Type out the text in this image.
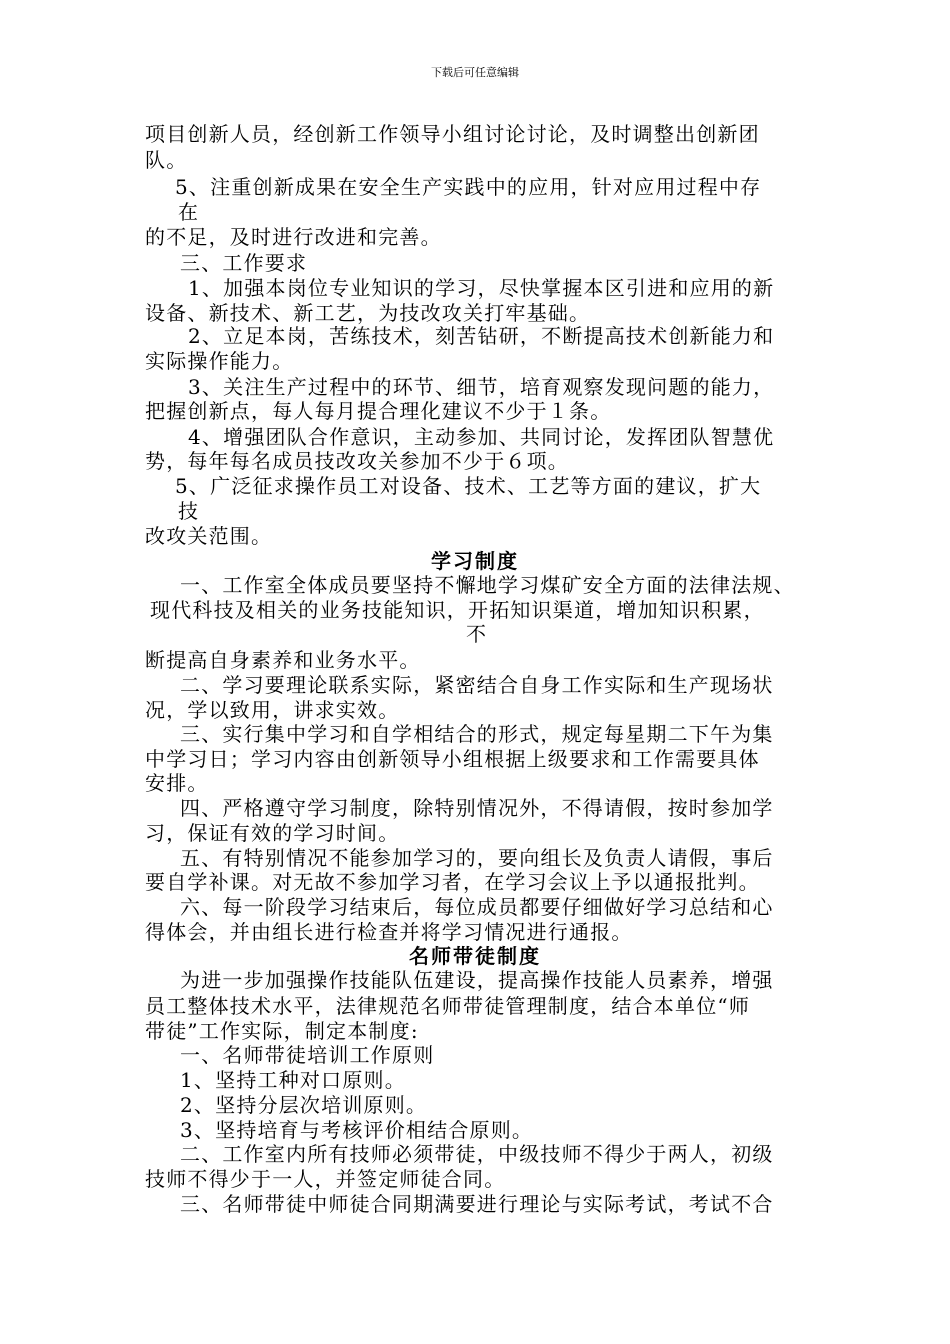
下载后可任意编辑
项目创新人员，经创新工作领导小组讨论讨论，及时调整出创新团
队。
5、注重创新成果在安全生产实践中的应用，针对应用过程中存
在
的不足，及时进行改进和完善。
三、工作要求
1、加强本岗位专业知识的学习，尽快掌握本区引进和应用的新
设备、新技术、新工艺，为技改攻关打牢基础。
2、立足本岗，苦练技术，刻苦钻研，不断提高技术创新能力和
实际操作能力。
3、关注生产过程中的环节、细节，培育观察发现问题的能力，
把握创新点，每人每月提合理化建议不少于１条。
4、增强团队合作意识，主动参加、共同讨论，发挥团队智慧优
势，每年每名成员技改攻关参加不少于６项。
5、广泛征求操作员工对设备、技术、工艺等方面的建议，扩大
技
改攻关范围。
学习制度
一、工作室全体成员要坚持不懈地学习煤矿安全方面的法律法规、
现代科技及相关的业务技能知识，开拓知识渠道，增加知识积累，
不
断提高自身素养和业务水平。
二、学习要理论联系实际，紧密结合自身工作实际和生产现场状
况，学以致用，讲求实效。
三、实行集中学习和自学相结合的形式，规定每星期二下午为集
中学习日；学习内容由创新领导小组根据上级要求和工作需要具体
安排。
四、严格遵守学习制度，除特别情况外，不得请假，按时参加学
习，保证有效的学习时间。
五、有特别情况不能参加学习的，要向组长及负责人请假，事后
要自学补课。对无故不参加学习者，在学习会议上予以通报批判。
六、每一阶段学习结束后，每位成员都要仔细做好学习总结和心
得体会，并由组长进行检查并将学习情况进行通报。
名师带徒制度
为进一步加强操作技能队伍建设，提高操作技能人员素养，增强
员工整体技术水平，法律规范名师带徒管理制度，结合本单位“师
带徒”工作实际，制定本制度:
一、名师带徒培训工作原则
1、坚持工种对口原则。
2、坚持分层次培训原则。
3、坚持培育与考核评价相结合原则。
二、工作室内所有技师必须带徒，中级技师不得少于两人，初级
技师不得少于一人，并签定师徒合同。
三、名师带徒中师徒合同期满要进行理论与实际考试，考试不合
